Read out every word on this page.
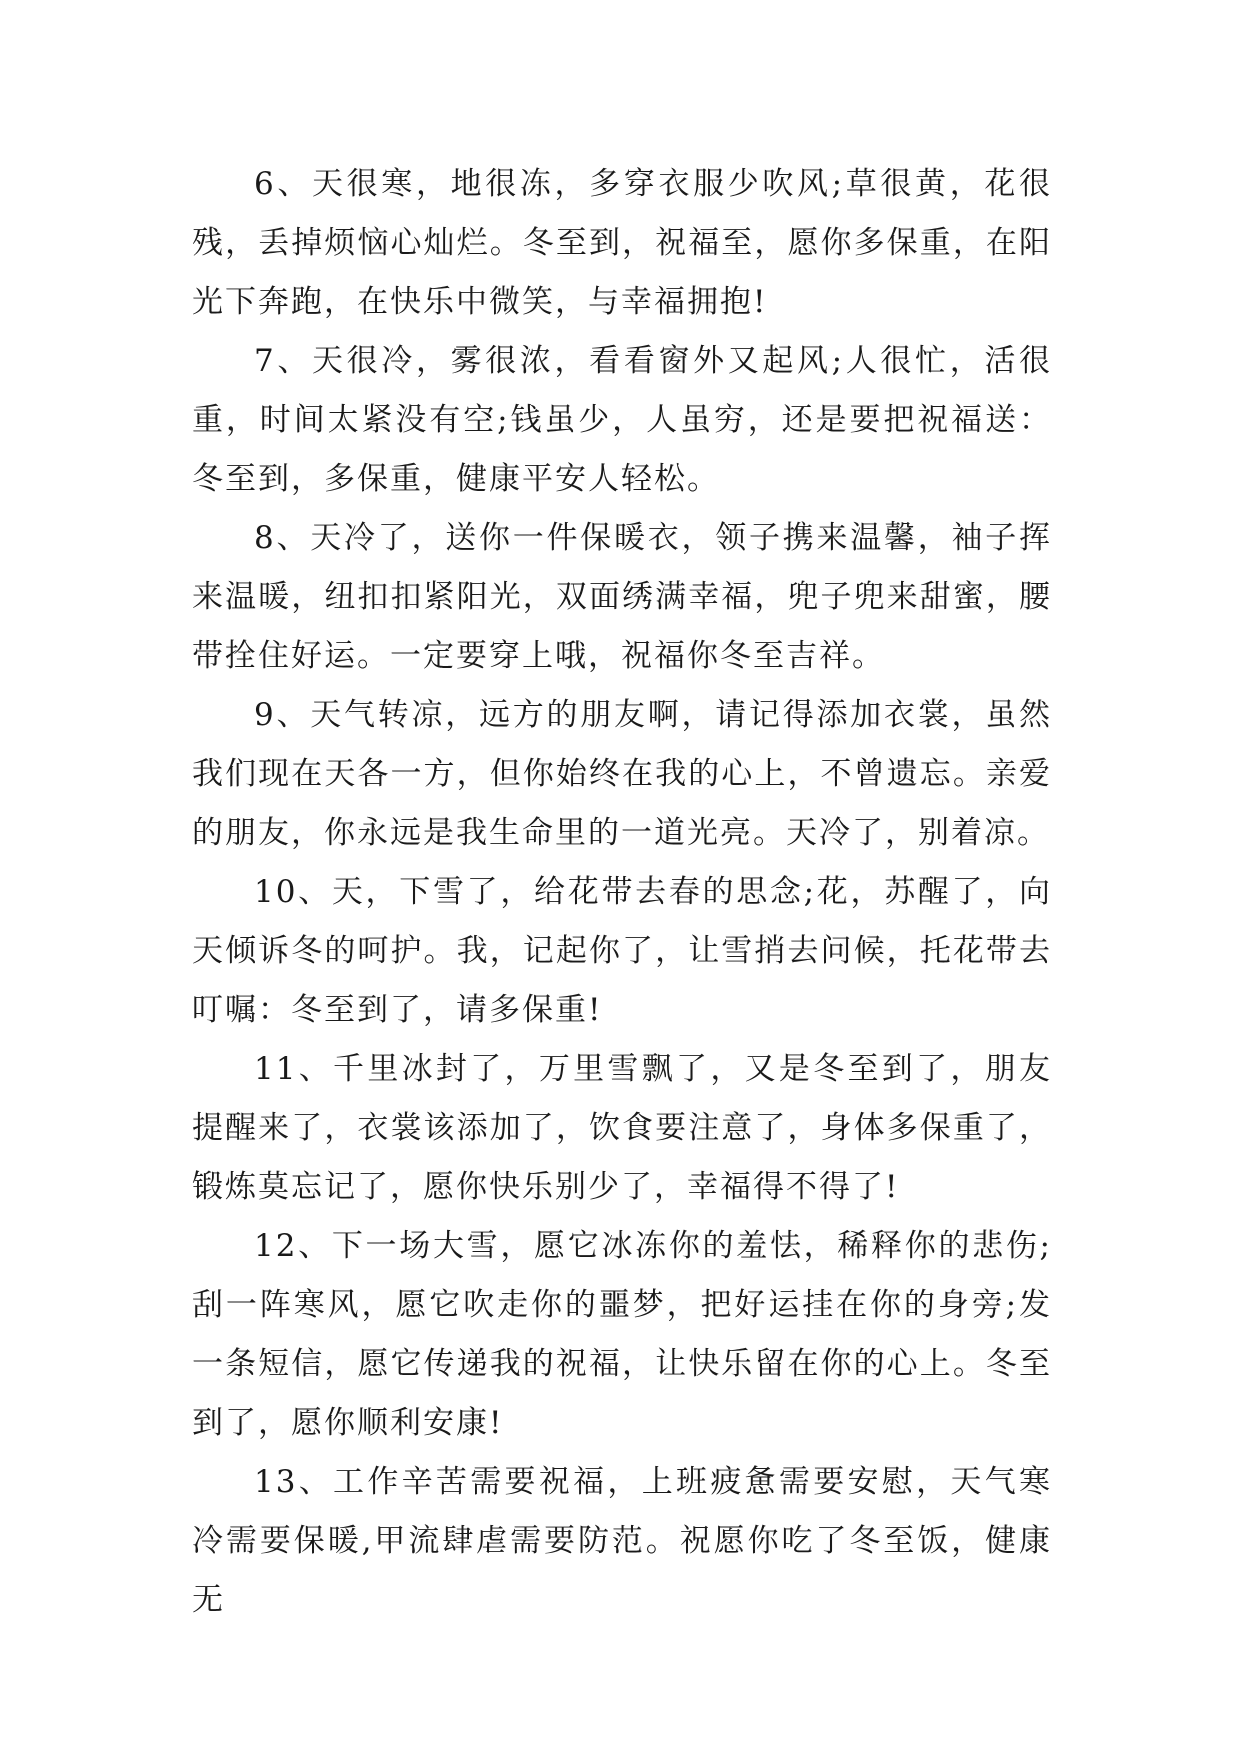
6、天很寒，地很冻，多穿衣服少吹风;草很黄，花很残，丢掉烦恼心灿烂。冬至到，祝福至，愿你多保重，在阳光下奔跑，在快乐中微笑，与幸福拥抱!

7、天很冷，雾很浓，看看窗外又起风;人很忙，活很重，时间太紧没有空;钱虽少，人虽穷，还是要把祝福送：冬至到，多保重，健康平安人轻松。

8、天冷了，送你一件保暖衣，领子携来温馨，袖子挥来温暖，纽扣扣紧阳光，双面绣满幸福，兜子兜来甜蜜，腰带拴住好运。一定要穿上哦，祝福你冬至吉祥。

9、天气转凉，远方的朋友啊，请记得添加衣裳，虽然我们现在天各一方，但你始终在我的心上，不曾遗忘。亲爱的朋友，你永远是我生命里的一道光亮。天冷了，别着凉。

10、天，下雪了，给花带去春的思念;花，苏醒了，向天倾诉冬的呵护。我，记起你了，让雪捎去问候，托花带去叮嘱：冬至到了，请多保重!

11、千里冰封了，万里雪飘了，又是冬至到了，朋友提醒来了，衣裳该添加了，饮食要注意了，身体多保重了，锻炼莫忘记了，愿你快乐别少了，幸福得不得了!

12、下一场大雪，愿它冰冻你的羞怯，稀释你的悲伤;刮一阵寒风，愿它吹走你的噩梦，把好运挂在你的身旁;发一条短信，愿它传递我的祝福，让快乐留在你的心上。冬至到了，愿你顺利安康!

13、工作辛苦需要祝福，上班疲惫需要安慰，天气寒冷需要保暖,甲流肆虐需要防范。祝愿你吃了冬至饭，健康无
